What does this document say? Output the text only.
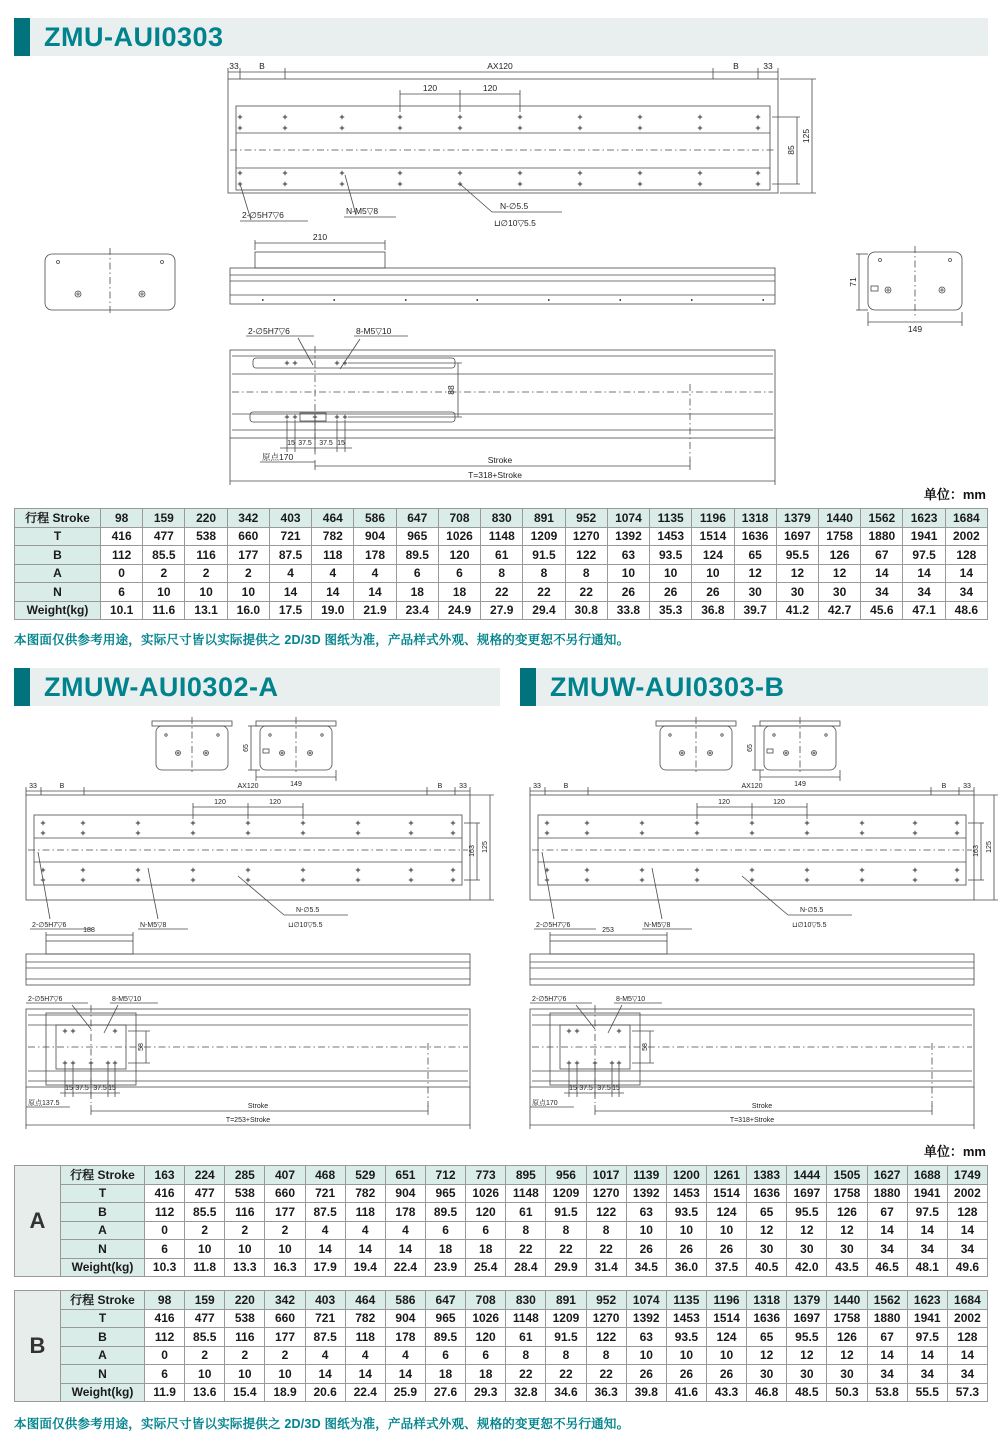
ZMU-AUI0303
33 B	AX120	B	33
120	120
85
125
2-∅5H7▽6	N-M5▽8	N-∅5.5
⊔∅10▽5.5
210
71
149
88
2-∅5H7▽6	8-M5▽10
15 37.5 37.5 15
原点170	Stroke
T=318+Stroke
单位：mm
行程 Stroke	98	159	220	342	403	464	586	647	708	830	891	952	1074	1135	1196	1318	1379	1440	1562	1623	1684
T	416	477	538	660	721	782	904	965	1026	1148	1209	1270	1392	1453	1514	1636	1697	1758	1880	1941	2002
B	112	85.5	116	177	87.5	118	178	89.5	120	61	91.5	122	63	93.5	124	65	95.5	126	67	97.5	128
A	0	2	2	2	4	4	4	6	6	8	8	8	10	10	10	12	12	12	14	14	14
N	6	10	10	10	14	14	14	18	18	22	22	22	26	26	26	30	30	30	34	34	34
Weight(kg)	10.1	11.6	13.1	16.0	17.5	19.0	21.9	23.4	24.9	27.9	29.4	30.8	33.8	35.3	36.8	39.7	41.2	42.7	45.6	47.1	48.6
本图面仅供参考用途，实际尺寸皆以实际提供之 2D/3D 图纸为准，产品样式外观、规格的变更恕不另行通知。
ZMUW-AUI0302-A	ZMUW-AUI0303-B
65
149
33	B	AX120	B 33
120	120
163 125
2-∅5H7▽6	N-M5▽8
N-∅5.5
⊔∅10▽5.5
188
58
2-∅5H7▽6	8-M5▽10
15 37.5 37.5 15
原点137.5	Stroke
T=253+Stroke
65
149
33	B	AX120	B 33
120	120
163 125
2-∅5H7▽6	N-M5▽8
N-∅5.5
⊔∅10▽5.5
253
58
2-∅5H7▽6	8-M5▽10
15 37.5 37.5 15
原点170	Stroke
T=318+Stroke
单位：mm
A	行程 Stroke	163	224	285	407	468	529	651	712	773	895	956	1017	1139	1200	1261	1383	1444	1505	1627	1688	1749
	T	416	477	538	660	721	782	904	965	1026	1148	1209	1270	1392	1453	1514	1636	1697	1758	1880	1941	2002
	B	112	85.5	116	177	87.5	118	178	89.5	120	61	91.5	122	63	93.5	124	65	95.5	126	67	97.5	128
	A	0	2	2	2	4	4	4	6	6	8	8	8	10	10	10	12	12	12	14	14	14
	N	6	10	10	10	14	14	14	18	18	22	22	22	26	26	26	30	30	30	34	34	34
	Weight(kg)	10.3	11.8	13.3	16.3	17.9	19.4	22.4	23.9	25.4	28.4	29.9	31.4	34.5	36.0	37.5	40.5	42.0	43.5	46.5	48.1	49.6
B	行程 Stroke	98	159	220	342	403	464	586	647	708	830	891	952	1074	1135	1196	1318	1379	1440	1562	1623	1684
	T	416	477	538	660	721	782	904	965	1026	1148	1209	1270	1392	1453	1514	1636	1697	1758	1880	1941	2002
	B	112	85.5	116	177	87.5	118	178	89.5	120	61	91.5	122	63	93.5	124	65	95.5	126	67	97.5	128
	A	0	2	2	2	4	4	4	6	6	8	8	8	10	10	10	12	12	12	14	14	14
	N	6	10	10	10	14	14	14	18	18	22	22	22	26	26	26	30	30	30	34	34	34
	Weight(kg)	11.9	13.6	15.4	18.9	20.6	22.4	25.9	27.6	29.3	32.8	34.6	36.3	39.8	41.6	43.3	46.8	48.5	50.3	53.8	55.5	57.3
本图面仅供参考用途，实际尺寸皆以实际提供之 2D/3D 图纸为准，产品样式外观、规格的变更恕不另行通知。
